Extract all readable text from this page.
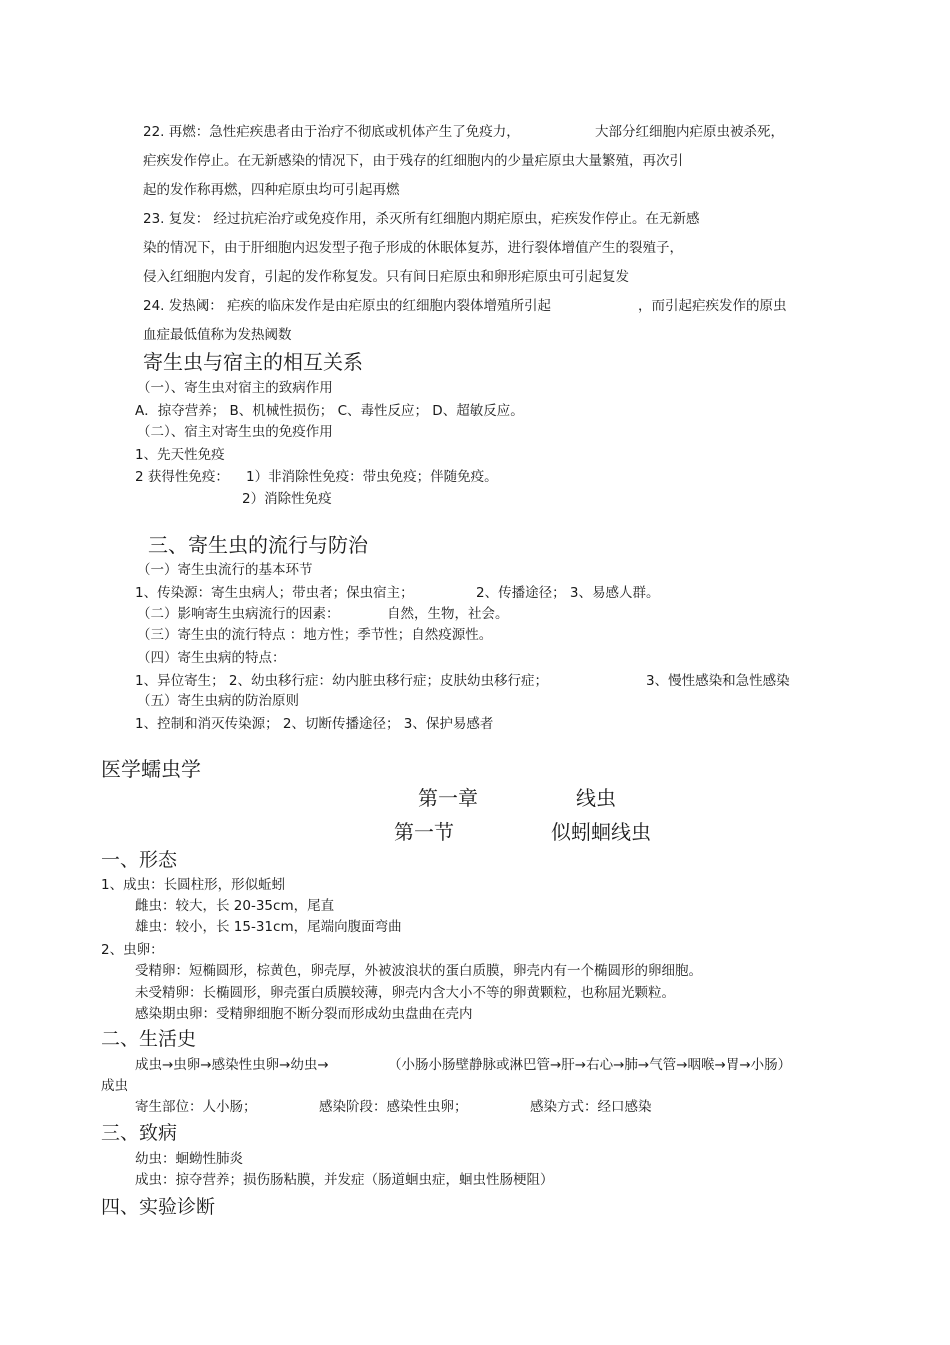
22. 再燃：急性疟疾患者由于治疗不彻底或机体产生了免疫力，	大部分红细胞内疟原虫被杀死，
疟疾发作停止。在无新感染的情况下，由于残存的红细胞内的少量疟原虫大量繁殖，再次引
起的发作称再燃，四种疟原虫均可引起再燃
23. 复发： 经过抗疟治疗或免疫作用，杀灭所有红细胞内期疟原虫，疟疾发作停止。在无新感
染的情况下，由于肝细胞内迟发型子孢子形成的休眠体复苏，进行裂体增值产生的裂殖子，
侵入红细胞内发育，引起的发作称复发。只有间日疟原虫和卵形疟原虫可引起复发
24. 发热阈： 疟疾的临床发作是由疟原虫的红细胞内裂体增殖所引起	，而引起疟疾发作的原虫
血症最低值称为发热阈数
寄生虫与宿主的相互关系
（一）、寄生虫对宿主的致病作用
A．掠夺营养； B、机械性损伤； C、毒性反应； D、超敏反应。
（二）、宿主对寄生虫的免疫作用
1、先天性免疫
2 获得性免疫： 1）非消除性免疫：带虫免疫；伴随免疫。
2）消除性免疫
三、寄生虫的流行与防治
（一）寄生虫流行的基本环节
1、传染源：寄生虫病人；带虫者；保虫宿主；	2、传播途径； 3、易感人群。
（二）影响寄生虫病流行的因素：	自然，生物，社会。
（三）寄生虫的流行特点 ：地方性；季节性；自然疫源性。
（四）寄生虫病的特点：
1、异位寄生； 2、幼虫移行症：幼内脏虫移行症；皮肤幼虫移行症；	3、慢性感染和急性感染
（五）寄生虫病的防治原则
1、控制和消灭传染源； 2、切断传播途径； 3、保护易感者
医学蠕虫学
第一章	线虫
第一节	似蚓蛔线虫
一、形态
1、成虫：长圆柱形，形似蚯蚓
雌虫：较大，长 20-35cm，尾直
雄虫：较小，长 15-31cm，尾端向腹面弯曲
2、虫卵：
受精卵：短椭圆形，棕黄色，卵壳厚，外被波浪状的蛋白质膜，卵壳内有一个椭圆形的卵细胞。
未受精卵：长椭圆形，卵壳蛋白质膜较薄，卵壳内含大小不等的卵黄颗粒，也称屈光颗粒。
感染期虫卵：受精卵细胞不断分裂而形成幼虫盘曲在壳内
二、生活史
成虫→虫卵→感染性虫卵→幼虫→	（小肠小肠壁静脉或淋巴管→肝→右心→肺→气管→咽喉→胃→小肠）
成虫
寄生部位：人小肠；	感染阶段：感染性虫卵；	感染方式：经口感染
三、致病
幼虫：蛔蚴性肺炎
成虫：掠夺营养；损伤肠粘膜，并发症（肠道蛔虫症，蛔虫性肠梗阻）
四、实验诊断
